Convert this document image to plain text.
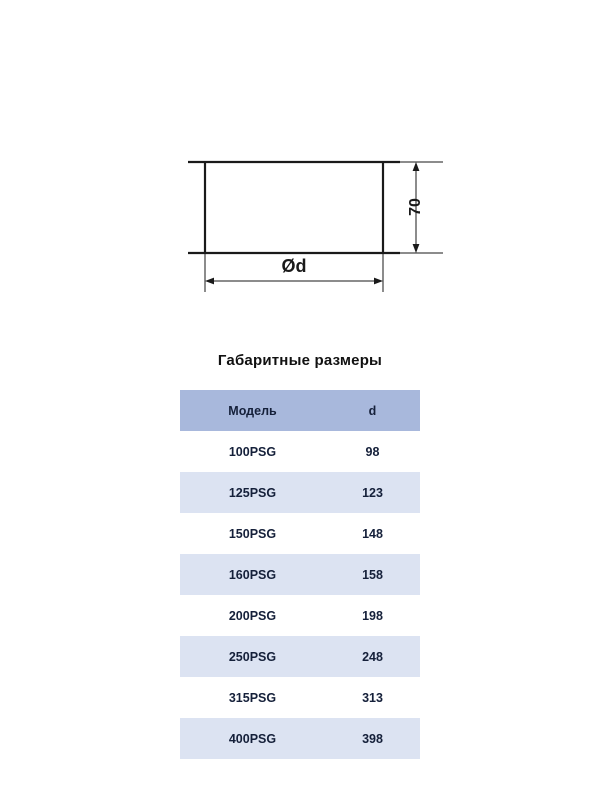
70
Ød
Габаритные размеры
Модель	d
100PSG	98
125PSG	123
150PSG	148
160PSG	158
200PSG	198
250PSG	248
315PSG	313
400PSG	398
